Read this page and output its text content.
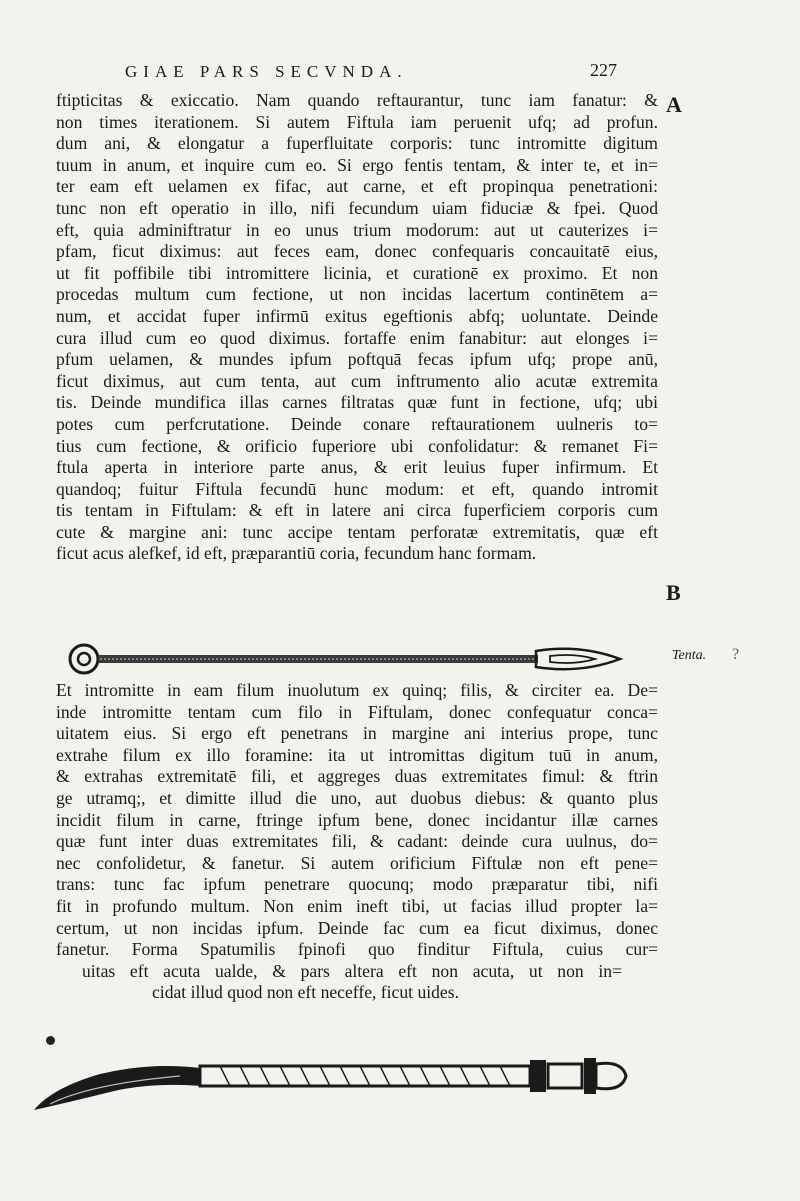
GIAE PARS SECVNDA.	227
A
B
ftipticitas & exiccatio. Nam quando reftaurantur, tunc iam fanatur: &
non times iterationem. Si autem Fiftula iam peruenit ufq; ad profun.
dum ani, & elongatur a fuperfluitate corporis: tunc intromitte digitum
tuum in anum, et inquire cum eo. Si ergo fentis tentam, & inter te, et in=
ter eam eft uelamen ex fifac, aut carne, et eft propinqua penetrationi:
tunc non eft operatio in illo, nifi fecundum uiam fiduciæ & fpei. Quod
eft, quia adminiftratur in eo unus trium modorum: aut ut cauterizes i=
pfam, ficut diximus: aut feces eam, donec confequaris concauitatē eius,
ut fit poffibile tibi intromittere licinia, et curationē ex proximo. Et non
procedas multum cum fectione, ut non incidas lacertum continētem a=
num, et accidat fuper infirmū exitus egeftionis abfq; uoluntate. Deinde
cura illud cum eo quod diximus. fortaffe enim fanabitur: aut elonges i=
pfum uelamen, & mundes ipfum poftquā fecas ipfum ufq; prope anū,
ficut diximus, aut cum tenta, aut cum inftrumento alio acutæ extremita
tis. Deinde mundifica illas carnes filtratas quæ funt in fectione, ufq; ubi
potes cum perfcrutatione. Deinde conare reftaurationem uulneris to=
tius cum fectione, & orificio fuperiore ubi confolidatur: & remanet Fi=
ftula aperta in interiore parte anus, & erit leuius fuper infirmum. Et
quandoq; fuitur Fiftula fecundū hunc modum: et eft, quando intromit
tis tentam in Fiftulam: & eft in latere ani circa fuperficiem corporis cum
cute & margine ani: tunc accipe tentam perforatæ extremitatis, quæ eft
ficut acus alefkef, id eft, præparantiū coria, fecundum hanc formam.
Tenta. ?
Et intromitte in eam filum inuolutum ex quinq; filis, & circiter ea. De=
inde intromitte tentam cum filo in Fiftulam, donec confequatur conca=
uitatem eius. Si ergo eft penetrans in margine ani interius prope, tunc
extrahe filum ex illo foramine: ita ut intromittas digitum tuū in anum,
& extrahas extremitatē fili, et aggreges duas extremitates fimul: & ftrin
ge utramq;, et dimitte illud die uno, aut duobus diebus: & quanto plus
incidit filum in carne, ftringe ipfum bene, donec incidantur illæ carnes
quæ funt inter duas extremitates fili, & cadant: deinde cura uulnus, do=
nec confolidetur, & fanetur. Si autem orificium Fiftulæ non eft pene=
trans: tunc fac ipfum penetrare quocunq; modo præparatur tibi, nifi
fit in profundo multum. Non enim ineft tibi, ut facias illud propter la=
certum, ut non incidas ipfum. Deinde fac cum ea ficut diximus, donec
fanetur. Forma Spatumilis fpinofi quo finditur Fiftula, cuius cur=
uitas eft acuta ualde, & pars altera eft non acuta, ut non in=
cidat illud quod non eft neceffe, ficut uides.
